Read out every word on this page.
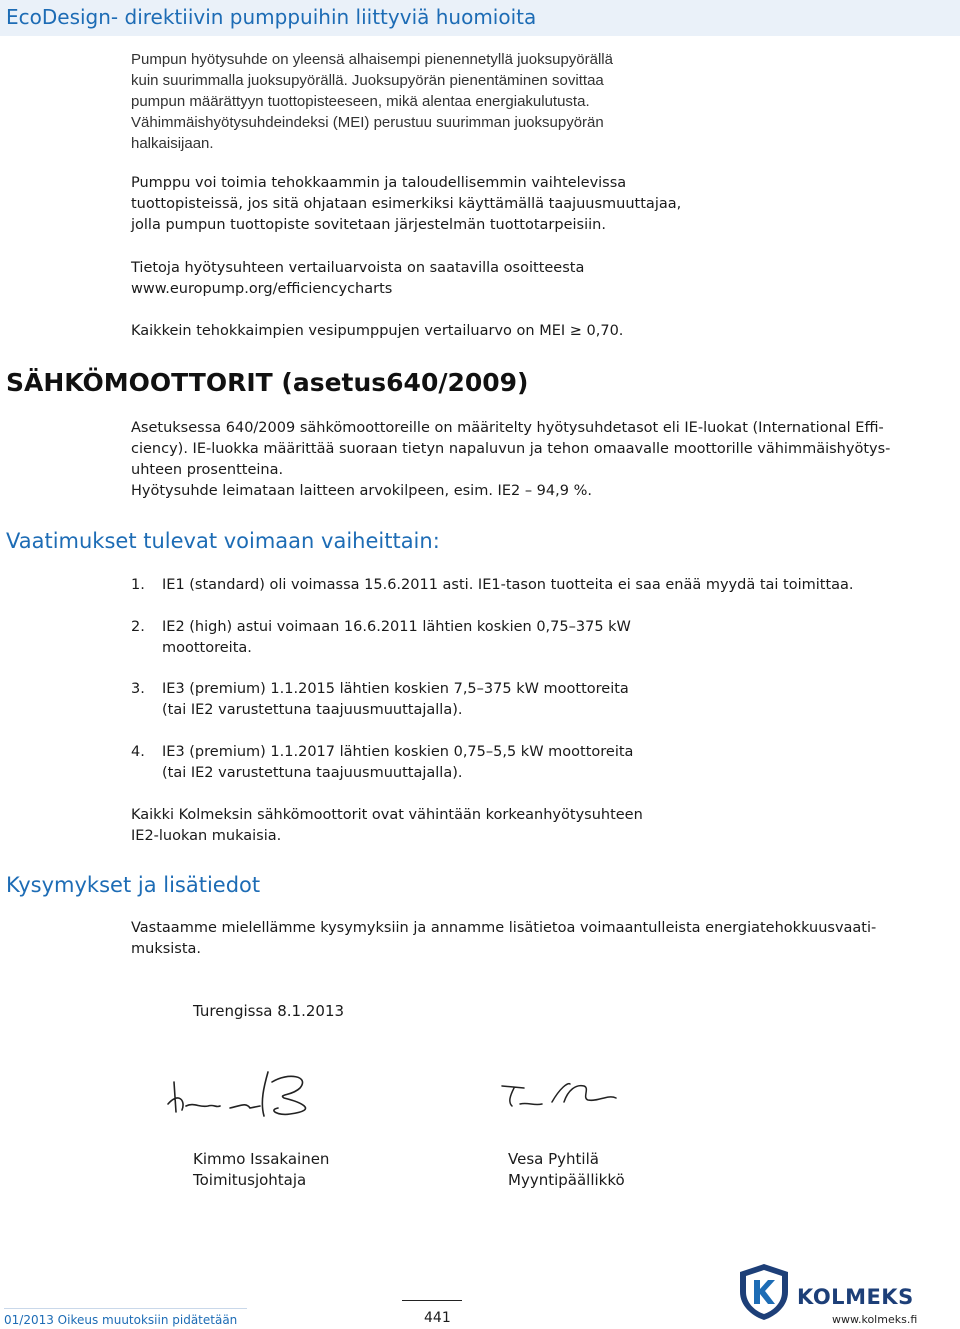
EcoDesign- direktiivin pumppuihin liittyviä huomioita

Pumpun hyötysuhde on yleensä alhaisempi pienennetyllä juoksupyörällä

kuin suurimmalla juoksupyörällä. Juoksupyörän pienentäminen sovittaa

pumpun määrättyyn tuottopisteeseen, mikä alentaa energiakulutusta.

Vähimmäishyötysuhdeindeksi (MEI) perustuu suurimman juoksupyörän

halkaisijaan.

Pumppu voi toimia tehokkaammin ja taloudellisemmin vaihtelevissa

tuottopisteissä, jos sitä ohjataan esimerkiksi käyttämällä taajuusmuuttajaa,

jolla pumpun tuottopiste sovitetaan järjestelmän tuottotarpeisiin.

Tietoja hyötysuhteen vertailuarvoista on saatavilla osoitteesta

www.europump.org/efficiencycharts

Kaikkein tehokkaimpien vesipumppujen vertailuarvo on MEI ≥ 0,70.

SÄHKÖMOOTTORIT (asetus640/2009)

Asetuksessa 640/2009 sähkömoottoreille on määritelty hyötysuhdetasot eli IE-luokat (International Effi-

ciency). IE-luokka määrittää suoraan tietyn napaluvun ja tehon omaavalle moottorille vähimmäishyötys-

uhteen prosentteina.

Hyötysuhde leimataan laitteen arvokilpeen, esim. IE2 – 94,9 %.

Vaatimukset tulevat voimaan vaiheittain:
1.	IE1 (standard) oli voimassa 15.6.2011 asti. IE1-tason tuotteita ei saa enää myydä tai toimittaa.
2.	IE2 (high) astui voimaan 16.6.2011 lähtien koskien 0,75–375 kW
moottoreita.
3.	IE3 (premium) 1.1.2015 lähtien koskien 7,5–375 kW moottoreita
(tai IE2 varustettuna taajuusmuuttajalla).
4.	IE3 (premium) 1.1.2017 lähtien koskien 0,75–5,5 kW moottoreita
(tai IE2 varustettuna taajuusmuuttajalla).

Kaikki Kolmeksin sähkömoottorit ovat vähintään korkeanhyötysuhteen

IE2-luokan mukaisia.

Kysymykset ja lisätiedot

Vastaamme mielellämme kysymyksiin ja annamme lisätietoa voimaantulleista energiatehokkuusvaati-

muksista.

Turengissa 8.1.2013
Kimmo Issakainen
Toimitusjohtaja
Vesa Pyhtilä
Myyntipäällikkö
01/2013 Oikeus muutoksiin pidätetään	441
KOLMEKS
www.kolmeks.fi
